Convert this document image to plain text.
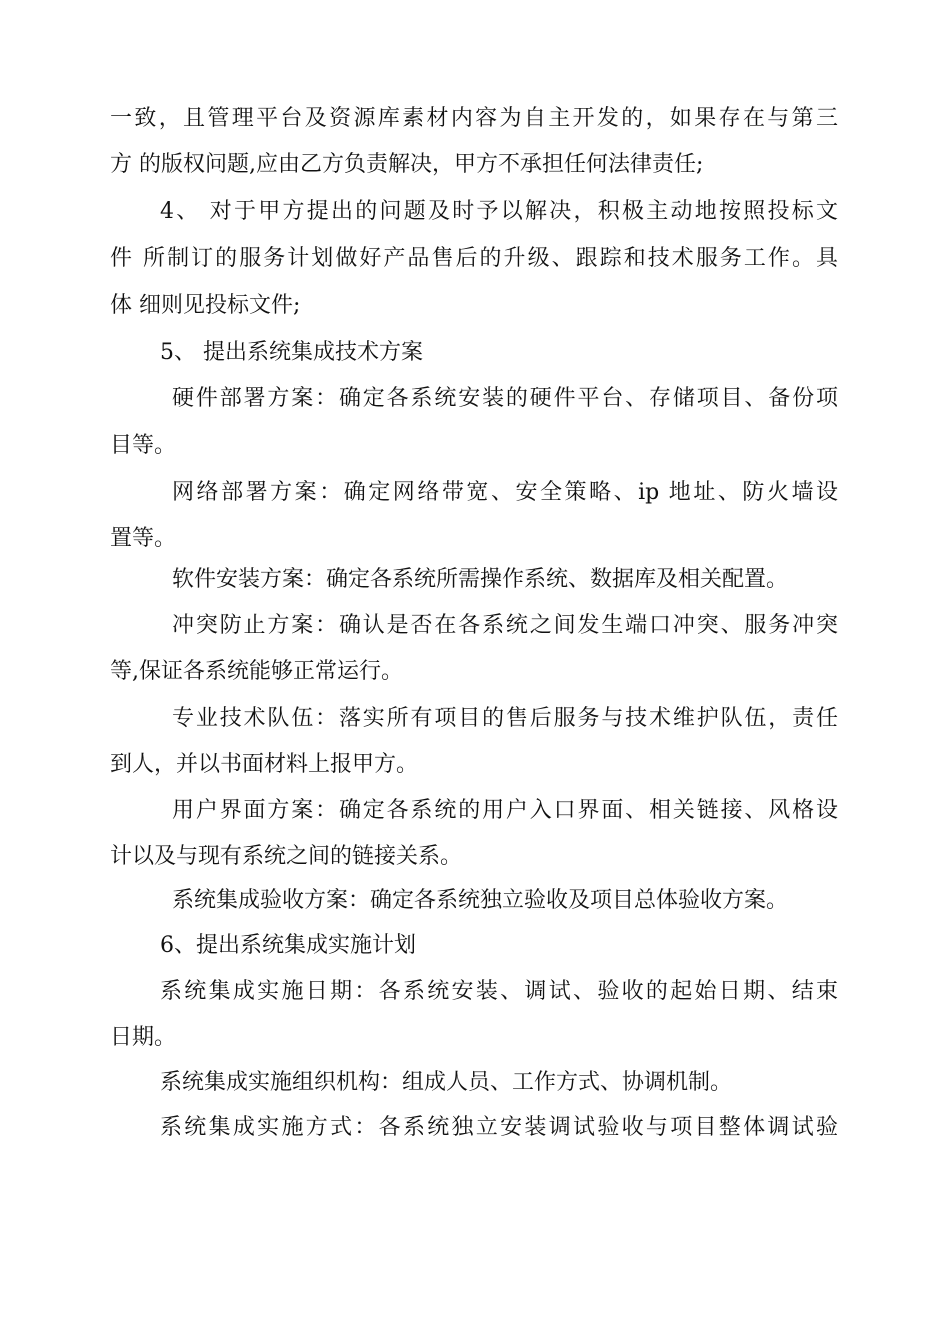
一致，且管理平台及资源库素材内容为自主开发的，如果存在与第三

方 的版权问题,应由乙方负责解决，甲方不承担任何法律责任;

4、 对于甲方提出的问题及时予以解决，积极主动地按照投标文

件 所制订的服务计划做好产品售后的升级、跟踪和技术服务工作。具

体 细则见投标文件;

5、 提出系统集成技术方案

硬件部署方案：确定各系统安装的硬件平台、存储项目、备份项

目等。

网络部署方案：确定网络带宽、安全策略、ip 地址、防火墙设

置等。

软件安装方案：确定各系统所需操作系统、数据库及相关配置。

冲突防止方案：确认是否在各系统之间发生端口冲突、服务冲突

等,保证各系统能够正常运行。

专业技术队伍：落实所有项目的售后服务与技术维护队伍，责任

到人，并以书面材料上报甲方。

用户界面方案：确定各系统的用户入口界面、相关链接、风格设

计以及与现有系统之间的链接关系。

系统集成验收方案：确定各系统独立验收及项目总体验收方案。

6、提出系统集成实施计划

系统集成实施日期：各系统安装、调试、验收的起始日期、结束

日期。

系统集成实施组织机构：组成人员、工作方式、协调机制。

系统集成实施方式：各系统独立安装调试验收与项目整体调试验
